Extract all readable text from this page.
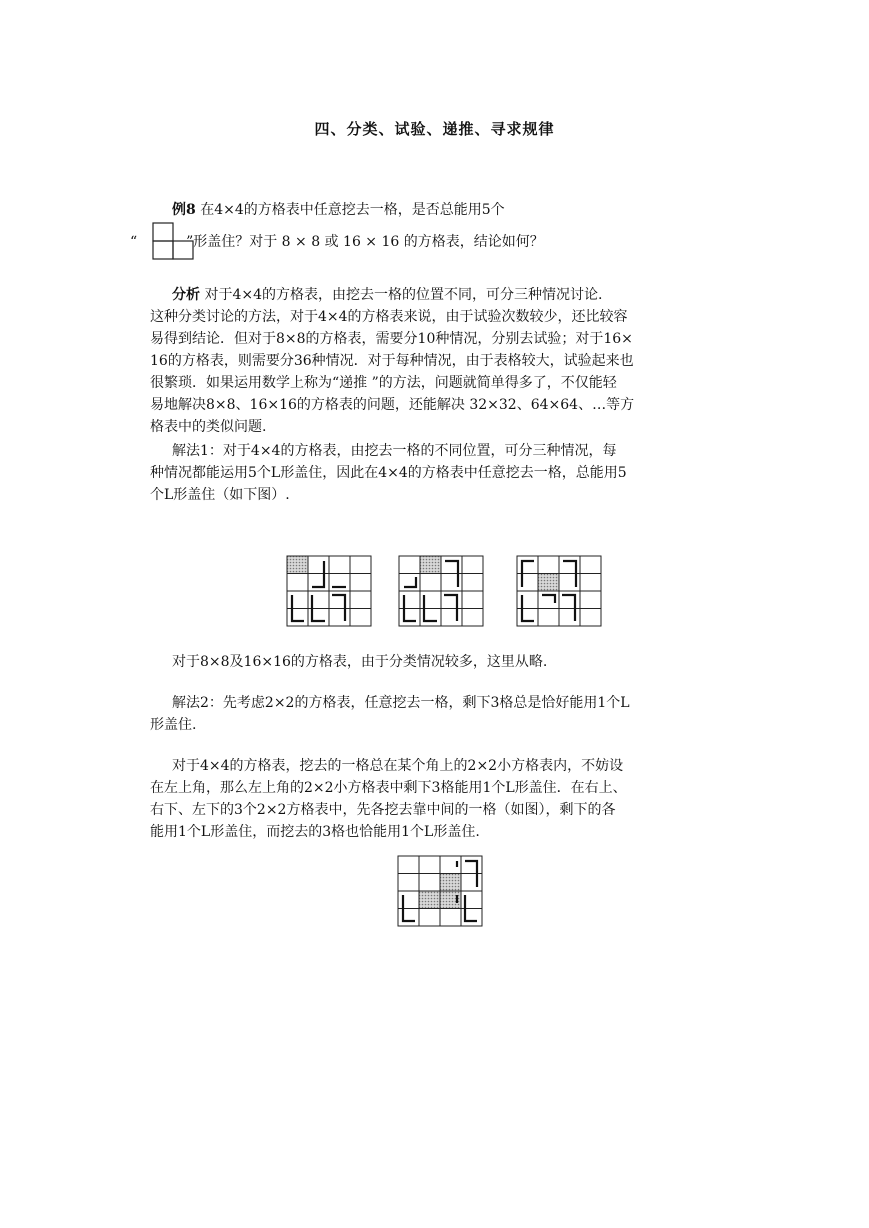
四、分类、试验、递推、寻求规律
例8 在4×4的方格表中任意挖去一格，是否总能用5个
“	”形盖住？对于 8 × 8 或 16 × 16 的方格表，结论如何？
分析 对于4×4的方格表，由挖去一格的位置不同，可分三种情况讨论.
这种分类讨论的方法，对于4×4的方格表来说，由于试验次数较少，还比较容
易得到结论．但对于8×8的方格表，需要分10种情况，分别去试验；对于16×
16的方格表，则需要分36种情况．对于每种情况，由于表格较大，试验起来也
很繁琐．如果运用数学上称为“递推 ”的方法，问题就简单得多了，不仅能轻
易地解决8×8、16×16的方格表的问题，还能解决 32×32、64×64、…等方
格表中的类似问题.
解法1：对于4×4的方格表，由挖去一格的不同位置，可分三种情况，每
种情况都能运用5个L形盖住，因此在4×4的方格表中任意挖去一格，总能用5
个L形盖住（如下图）.
对于8×8及16×16的方格表，由于分类情况较多，这里从略.
解法2：先考虑2×2的方格表，任意挖去一格，剩下3格总是恰好能用1个L
形盖住.
对于4×4的方格表，挖去的一格总在某个角上的2×2小方格表内，不妨设
在左上角，那么左上角的2×2小方格表中剩下3格能用1个L形盖住．在右上、
右下、左下的3个2×2方格表中，先各挖去靠中间的一格（如图），剩下的各
能用1个L形盖住，而挖去的3格也恰能用1个L形盖住.
